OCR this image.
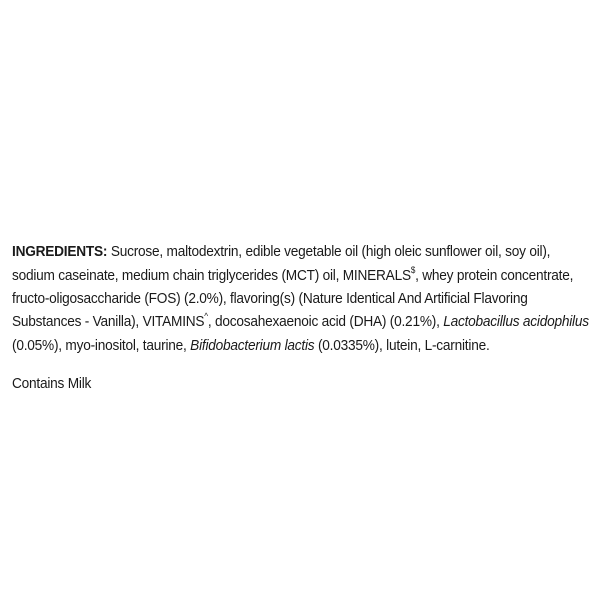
INGREDIENTS: Sucrose, maltodextrin, edible vegetable oil (high oleic sunflower oil, soy oil), sodium caseinate, medium chain triglycerides (MCT) oil, MINERALS$, whey protein concentrate, fructo-oligosaccharide (FOS) (2.0%), flavoring(s) (Nature Identical And Artificial Flavoring Substances - Vanilla), VITAMINS^, docosahexaenoic acid (DHA) (0.21%), Lactobacillus acidophilus (0.05%), myo-inositol, taurine, Bifidobacterium lactis (0.0335%), lutein, L-carnitine.

Contains Milk
